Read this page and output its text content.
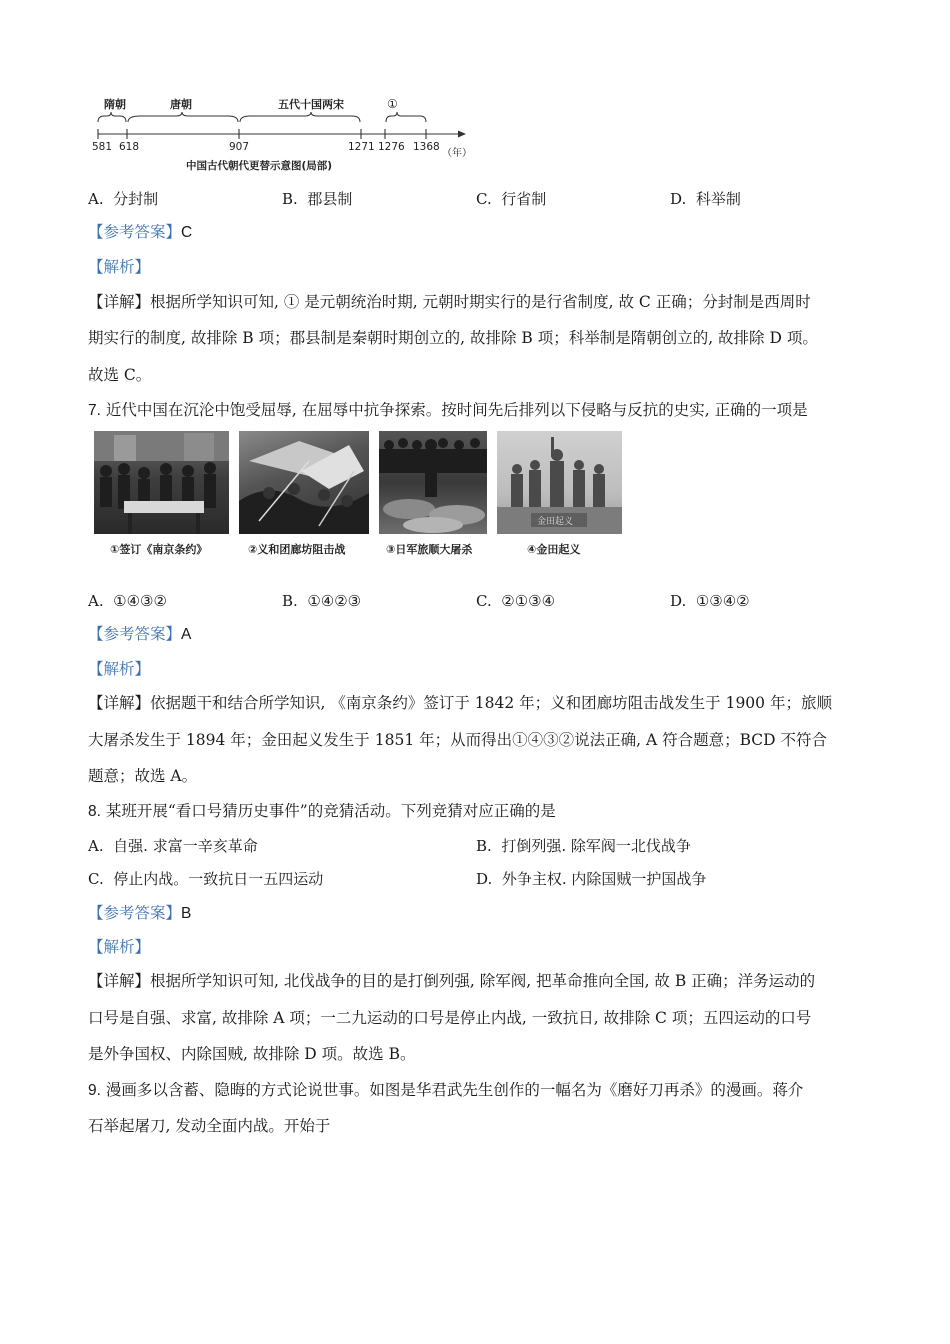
隋朝	唐朝	五代十国两宋	①
581 618	907	1271 1276 1368
（年）
中国古代朝代更替示意图(局部)
A. 分封制	B. 郡县制	C. 行省制	D. 科举制
【参考答案】C
【解析】
【详解】根据所学知识可知, ① 是元朝统治时期, 元朝时期实行的是行省制度, 故 C 正确；分封制是西周时
期实行的制度, 故排除 B 项；郡县制是秦朝时期创立的, 故排除 B 项；科举制是隋朝创立的, 故排除 D 项。
故选 C。
7. 近代中国在沉沦中饱受屈辱, 在屈辱中抗争探索。按时间先后排列以下侵略与反抗的史实, 正确的一项是
金田起义
①签订《南京条约》	②义和团廊坊阻击战	③日军旅顺大屠杀	④金田起义
A. ①④③②	B. ①④②③	C. ②①③④	D. ①③④②
【参考答案】A
【解析】
【详解】依据题干和结合所学知识, 《南京条约》签订于 1842 年；义和团廊坊阻击战发生于 1900 年；旅顺
大屠杀发生于 1894 年；金田起义发生于 1851 年；从而得出①④③②说法正确, A 符合题意；BCD 不符合
题意；故选 A。
8. 某班开展“看口号猜历史事件”的竞猜活动。下列竞猜对应正确的是
A. 自强. 求富一辛亥革命	B. 打倒列强. 除军阀一北伐战争
C. 停止内战。一致抗日一五四运动	D. 外争主权. 内除国贼一护国战争
【参考答案】B
【解析】
【详解】根据所学知识可知, 北伐战争的目的是打倒列强, 除军阀, 把革命推向全国, 故 B 正确；洋务运动的
口号是自强、求富, 故排除 A 项；一二九运动的口号是停止内战, 一致抗日, 故排除 C 项；五四运动的口号
是外争国权、内除国贼, 故排除 D 项。故选 B。
9. 漫画多以含蓄、隐晦的方式论说世事。如图是华君武先生创作的一幅名为《磨好刀再杀》的漫画。蒋介
石举起屠刀, 发动全面内战。开始于
